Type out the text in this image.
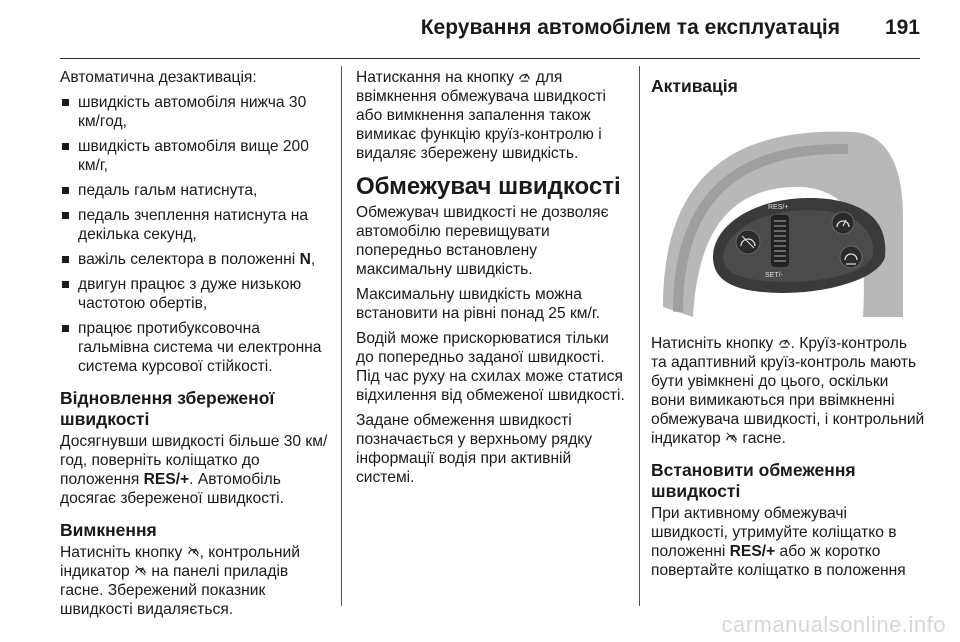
Керування автомобілем та експлуатація 191

Автоматична дезактивація:

швидкість автомобіля нижча 30 км/год,
швидкість автомобіля вище 200 км/г,
педаль гальм натиснута,
педаль зчеплення натиснута на декілька секунд,
важіль селектора в положенні N,
двигун працює з дуже низькою частотою обертів,
працює протибуксовочна гальмівна система чи електронна система курсової стійкості.
Відновлення збереженої швидкості

Досягнувши швидкості більше 30 км/год, поверніть коліщатко до положення RES/+. Автомобіль досягає збереженої швидкості.

Вимкнення

Натисніть кнопку , контрольний індикатор  на панелі приладів гасне. Збережений показник швидкості видаляється.

Натискання на кнопку  для ввімкнення обмежувача швидкості або вимкнення запалення також вимикає функцію круїз-контролю і видаляє збережену швидкість.

Обмежувач швидкості

Обмежувач швидкості не дозволяє автомобілю перевищувати попередньо встановлену максимальну швидкість.

Максимальну швидкість можна встановити на рівні понад 25 км/г.

Водій може прискорюватися тільки до попередньо заданої швидкості. Під час руху на схилах може статися відхилення від обмеженої швидкості.

Задане обмеження швидкості позначається у верхньому рядку інформації водія при активній системі.

Активація
RES/+
SET/-

Натисніть кнопку . Круїз-контроль та адаптивний круїз-контроль мають бути увімкнені до цього, оскільки вони вимикаються при ввімкненні обмежувача швидкості, і контрольний індикатор  гасне.

Встановити обмеження швидкості

При активному обмежувачі швидкості, утримуйте коліщатко в положенні RES/+ або ж коротко повертайте коліщатко в положення

carmanualsonline.info
